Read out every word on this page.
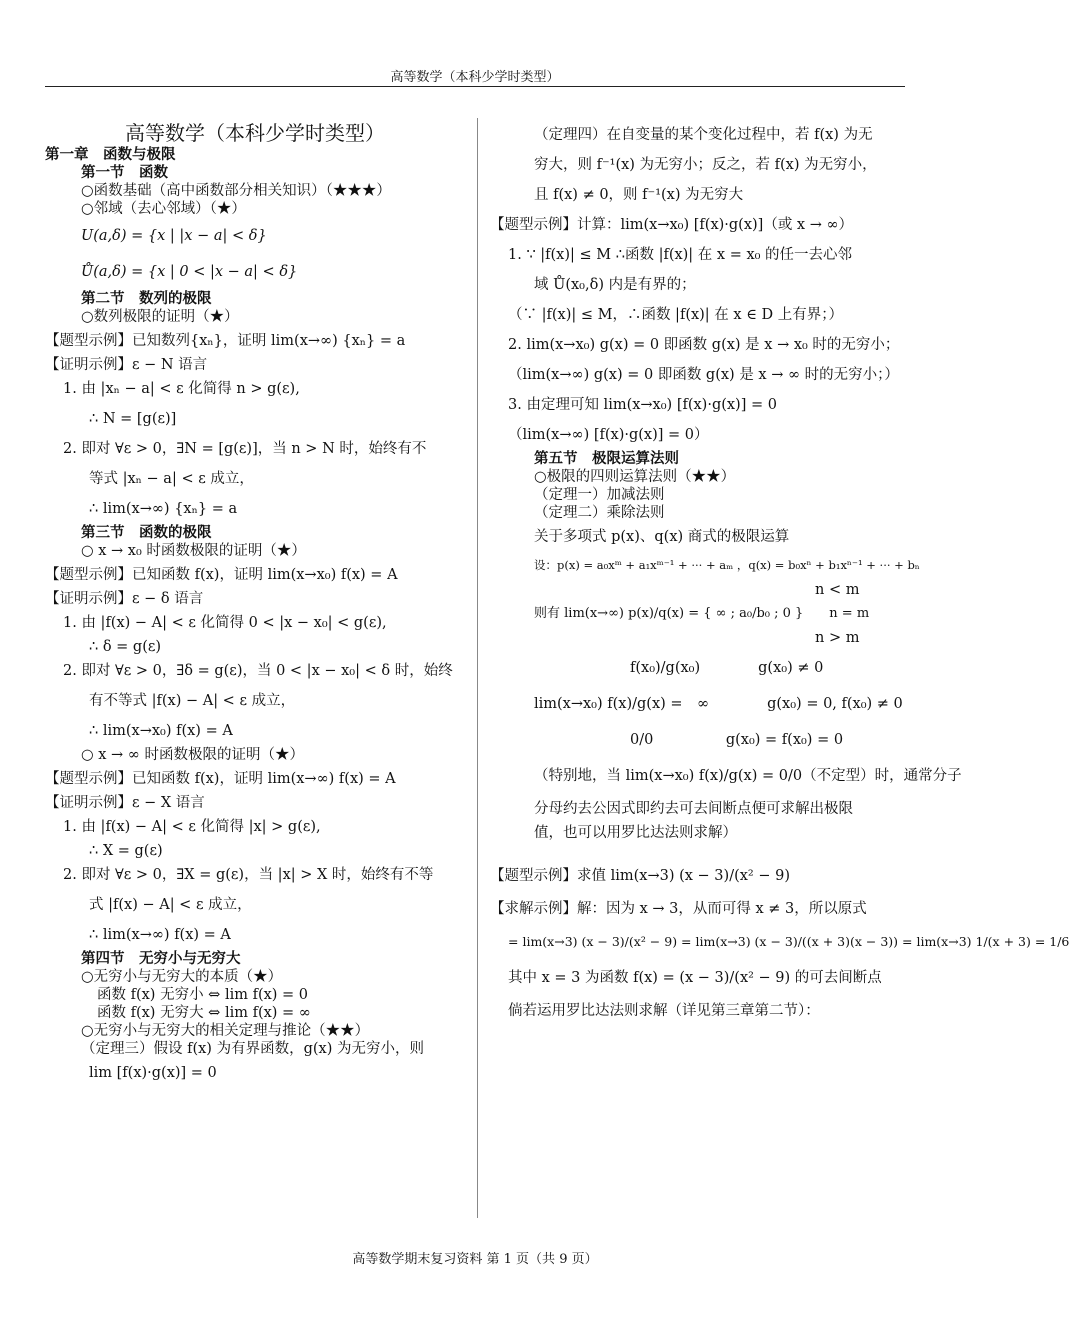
高等数学（本科少学时类型）
高等数学（本科少学时类型）
第一章　函数与极限
第一节　函数
○函数基础（高中函数部分相关知识）（★★★）
○邻域（去心邻域）（★）
U(a,δ) = {x | |x − a| < δ}
Ů(a,δ) = {x | 0 < |x − a| < δ}
第二节　数列的极限
○数列极限的证明（★）
【题型示例】已知数列{xₙ}，证明 lim(x→∞) {xₙ} = a
【证明示例】ε − N 语言
1. 由 |xₙ − a| < ε 化简得 n > g(ε),
∴ N = [g(ε)]
2. 即对 ∀ε > 0，∃N = [g(ε)]，当 n > N 时，始终有不
等式 |xₙ − a| < ε 成立，
∴ lim(x→∞) {xₙ} = a
第三节　函数的极限
○ x → x₀ 时函数极限的证明（★）
【题型示例】已知函数 f(x)，证明 lim(x→x₀) f(x) = A
【证明示例】ε − δ 语言
1. 由 |f(x) − A| < ε 化简得 0 < |x − x₀| < g(ε),
∴ δ = g(ε)
2. 即对 ∀ε > 0，∃δ = g(ε)，当 0 < |x − x₀| < δ 时，始终
有不等式 |f(x) − A| < ε 成立，
∴ lim(x→x₀) f(x) = A
○ x → ∞ 时函数极限的证明（★）
【题型示例】已知函数 f(x)，证明 lim(x→∞) f(x) = A
【证明示例】ε − X 语言
1. 由 |f(x) − A| < ε 化简得 |x| > g(ε),
∴ X = g(ε)
2. 即对 ∀ε > 0，∃X = g(ε)，当 |x| > X 时，始终有不等
式 |f(x) − A| < ε 成立，
∴ lim(x→∞) f(x) = A
第四节　无穷小与无穷大
○无穷小与无穷大的本质（★）
函数 f(x) 无穷小 ⇔ lim f(x) = 0
函数 f(x) 无穷大 ⇔ lim f(x) = ∞
○无穷小与无穷大的相关定理与推论（★★）
（定理三）假设 f(x) 为有界函数，g(x) 为无穷小，则
lim [f(x)·g(x)] = 0
（定理四）在自变量的某个变化过程中，若 f(x) 为无
穷大，则 f⁻¹(x) 为无穷小；反之，若 f(x) 为无穷小，
且 f(x) ≠ 0，则 f⁻¹(x) 为无穷大
【题型示例】计算：lim(x→x₀) [f(x)·g(x)]（或 x → ∞）
1. ∵ |f(x)| ≤ M ∴函数 |f(x)| 在 x = x₀ 的任一去心邻
域 Ů(x₀,δ) 内是有界的；
（∵ |f(x)| ≤ M，∴函数 |f(x)| 在 x ∈ D 上有界；）
2. lim(x→x₀) g(x) = 0 即函数 g(x) 是 x → x₀ 时的无穷小；
（lim(x→∞) g(x) = 0 即函数 g(x) 是 x → ∞ 时的无穷小；）
3. 由定理可知 lim(x→x₀) [f(x)·g(x)] = 0
（lim(x→∞) [f(x)·g(x)] = 0）
第五节　极限运算法则
○极限的四则运算法则（★★）
（定理一）加减法则
（定理二）乘除法则
关于多项式 p(x)、q(x) 商式的极限运算
设：p(x) = a₀xᵐ + a₁xᵐ⁻¹ + ··· + aₘ ，q(x) = b₀xⁿ + b₁xⁿ⁻¹ + ··· + bₙ
n < m
则有 lim(x→∞) p(x)/q(x) = { ∞ ; a₀/b₀ ; 0 }　　n = m
n > m
f(x₀)/g(x₀)　　　　g(x₀) ≠ 0
lim(x→x₀) f(x)/g(x) =　∞　　　　g(x₀) = 0, f(x₀) ≠ 0
0/0　　　　　g(x₀) = f(x₀) = 0
（特别地，当 lim(x→x₀) f(x)/g(x) = 0/0（不定型）时，通常分子
分母约去公因式即约去可去间断点便可求解出极限
值，也可以用罗比达法则求解）
【题型示例】求值 lim(x→3) (x − 3)/(x² − 9)
【求解示例】解：因为 x → 3，从而可得 x ≠ 3，所以原式
= lim(x→3) (x − 3)/(x² − 9) = lim(x→3) (x − 3)/((x + 3)(x − 3)) = lim(x→3) 1/(x + 3) = 1/6
其中 x = 3 为函数 f(x) = (x − 3)/(x² − 9) 的可去间断点
倘若运用罗比达法则求解（详见第三章第二节）：
高等数学期末复习资料 第 1 页（共 9 页）
